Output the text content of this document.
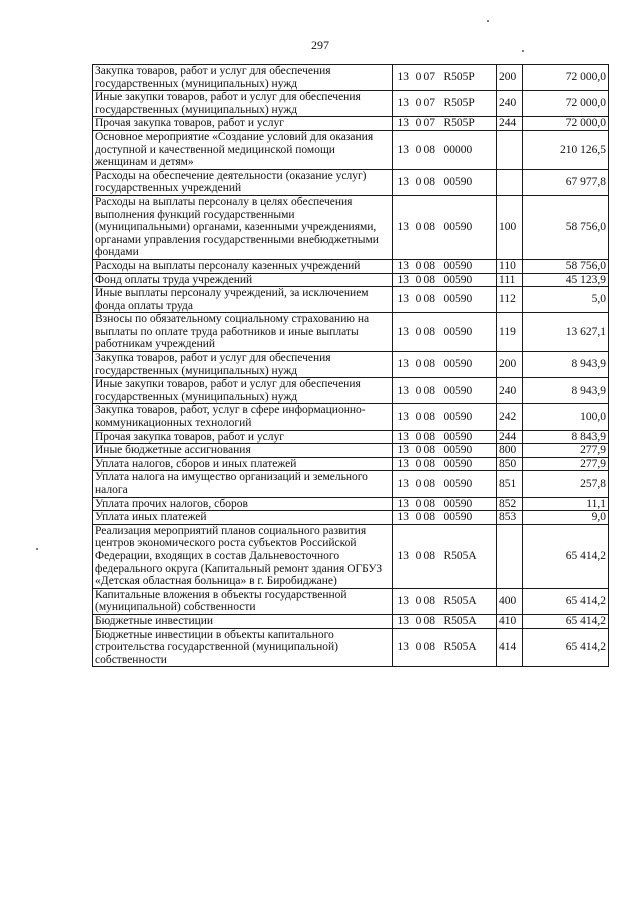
297
Закупка товаров, работ и услуг для обеспечения государственных (муниципальных) нужд	13 0 07 R505Р	200	72 000,0
Иные закупки товаров, работ и услуг для обеспечения государственных (муниципальных) нужд	13 0 07 R505Р	240	72 000,0
Прочая закупка товаров, работ и услуг	13 0 07 R505Р	244	72 000,0
Основное мероприятие «Создание условий для оказания доступной и качественной медицинской помощи женщинам и детям»	13 0 08 00000		210 126,5
Расходы на обеспечение деятельности (оказание услуг) государственных учреждений	13 0 08 00590		67 977,8
Расходы на выплаты персоналу в целях обеспечения выполнения функций государственными (муниципальными) органами, казенными учреждениями, органами управления государственными внебюджетными фондами	13 0 08 00590	100	58 756,0
Расходы на выплаты персоналу казенных учреждений	13 0 08 00590	110	58 756,0
Фонд оплаты труда учреждений	13 0 08 00590	111	45 123,9
Иные выплаты персоналу учреждений, за исключением фонда оплаты труда	13 0 08 00590	112	5,0
Взносы по обязательному социальному страхованию на выплаты по оплате труда работников и иные выплаты работникам учреждений	13 0 08 00590	119	13 627,1
Закупка товаров, работ и услуг для обеспечения государственных (муниципальных) нужд	13 0 08 00590	200	8 943,9
Иные закупки товаров, работ и услуг для обеспечения государственных (муниципальных) нужд	13 0 08 00590	240	8 943,9
Закупка товаров, работ, услуг в сфере информационно-коммуникационных технологий	13 0 08 00590	242	100,0
Прочая закупка товаров, работ и услуг	13 0 08 00590	244	8 843,9
Иные бюджетные ассигнования	13 0 08 00590	800	277,9
Уплата налогов, сборов и иных платежей	13 0 08 00590	850	277,9
Уплата налога на имущество организаций и земельного налога	13 0 08 00590	851	257,8
Уплата прочих налогов, сборов	13 0 08 00590	852	11,1
Уплата иных платежей	13 0 08 00590	853	9,0
Реализация мероприятий планов социального развития центров экономического роста субъектов Российской Федерации, входящих в состав Дальневосточного федерального округа (Капитальный ремонт здания ОГБУЗ «Детская областная больница» в г. Биробиджане)	13 0 08 R505А		65 414,2
Капитальные вложения в объекты государственной (муниципальной) собственности	13 0 08 R505А	400	65 414,2
Бюджетные инвестиции	13 0 08 R505А	410	65 414,2
Бюджетные инвестиции в объекты капитального строительства государственной (муниципальной) собственности	13 0 08 R505А	414	65 414,2
